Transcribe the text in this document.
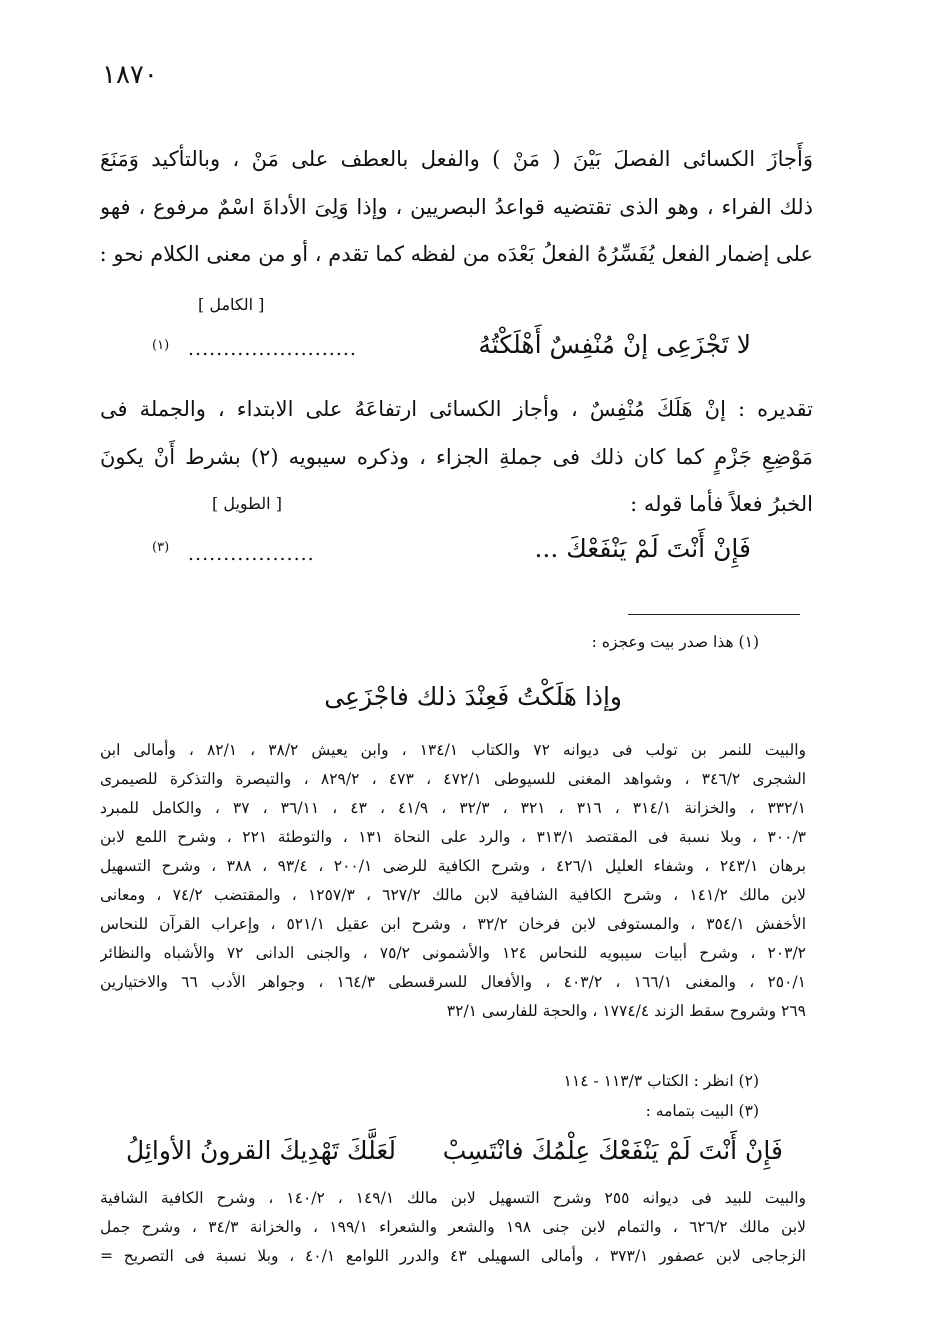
١٨٧٠
وَأَجازَ الكسائى الفصلَ بَيْنَ ( مَنْ ) والفعل بالعطف على مَنْ ، وبالتأكيد وَمَنَعَ
ذلك الفراء ، وهو الذى تقتضيه قواعدُ البصريين ، وإذا وَلِىَ الأداةَ اسْمٌ مرفوع ، فهو
على إضمار الفعل يُفَسِّرُهُ الفعلُ بَعْدَه من لفظه كما تقدم ، أو من معنى الكلام نحو :
[ الكامل ]
لا تَجْزَعِى إنْ مُنْفِسٌ أَهْلَكْتُهُ
........................
(١)
تقديره : إنْ هَلَكَ مُنْفِسٌ ، وأجاز الكسائى ارتفاعَهُ على الابتداء ، والجملة فى
مَوْضِعِ جَزْمٍ كما كان ذلك فى جملةِ الجزاء ، وذكره سيبويه (٢) بشرط أَنْ يكونَ
الخبرُ فعلاً فأما قوله :
[ الطويل ]
فَإِنْ أَنْتَ لَمْ يَنْفَعْكَ ...
..................
(٣)
(١) هذا صدر بيت وعجزه :
وإذا هَلَكْتُ فَعِنْدَ ذلك فاجْزَعِى
والبيت للنمر بن تولب فى ديوانه ٧٢ والكتاب ١٣٤/١ ، وابن يعيش ٣٨/٢ ، ٨٢/١ ، وأمالى ابن
الشجرى ٣٤٦/٢ ، وشواهد المغنى للسيوطى ٤٧٢/١ ، ٤٧٣ ، ٨٢٩/٢ ، والتبصرة والتذكرة للصيمرى
٣٣٢/١ ، والخزانة ٣١٤/١ ، ٣١٦ ، ٣٢١ ، ٣٢/٣ ، ٤١/٩ ، ٤٣ ، ٣٦/١١ ، ٣٧ ، والكامل للمبرد
٣٠٠/٣ ، وبلا نسبة فى المقتصد ٣١٣/١ ، والرد على النحاة ١٣١ ، والتوطئة ٢٢١ ، وشرح اللمع لابن
برهان ٢٤٣/١ ، وشفاء العليل ٤٢٦/١ ، وشرح الكافية للرضى ٢٠٠/١ ، ٩٣/٤ ، ٣٨٨ ، وشرح التسهيل
لابن مالك ١٤١/٢ ، وشرح الكافية الشافية لابن مالك ٦٢٧/٢ ، ١٢٥٧/٣ ، والمقتضب ٧٤/٢ ، ومعانى
الأخفش ٣٥٤/١ ، والمستوفى لابن فرخان ٣٢/٢ ، وشرح ابن عقيل ٥٢١/١ ، وإعراب القرآن للنحاس
٢٠٣/٢ ، وشرح أبيات سيبويه للنحاس ١٢٤ والأشمونى ٧٥/٢ ، والجنى الدانى ٧٢ والأشباه والنظائر
٢٥٠/١ ، والمغنى ١٦٦/١ ، ٤٠٣/٢ ، والأفعال للسرقسطى ١٦٤/٣ ، وجواهر الأدب ٦٦ والاختيارين
٢٦٩ وشروح سقط الزند ١٧٧٤/٤ ، والحجة للفارسى ٣٢/١
(٢) انظر : الكتاب ١١٣/٣ - ١١٤
(٣) البيت بتمامه :
فَإِنْ أَنْتَ لَمْ يَنْفَعْكَ عِلْمُكَ فانْتَسِبْ
لَعَلَّكَ تَهْدِيكَ القرونُ الأوائِلُ
والبيت للبيد فى ديوانه ٢٥٥ وشرح التسهيل لابن مالك ١٤٩/١ ، ١٤٠/٢ ، وشرح الكافية الشافية
لابن مالك ٦٢٦/٢ ، والتمام لابن جنى ١٩٨ والشعر والشعراء ١٩٩/١ ، والخزانة ٣٤/٣ ، وشرح جمل
الزجاجى لابن عصفور ٣٧٣/١ ، وأمالى السهيلى ٤٣ والدرر اللوامع ٤٠/١ ، وبلا نسبة فى التصريح =
